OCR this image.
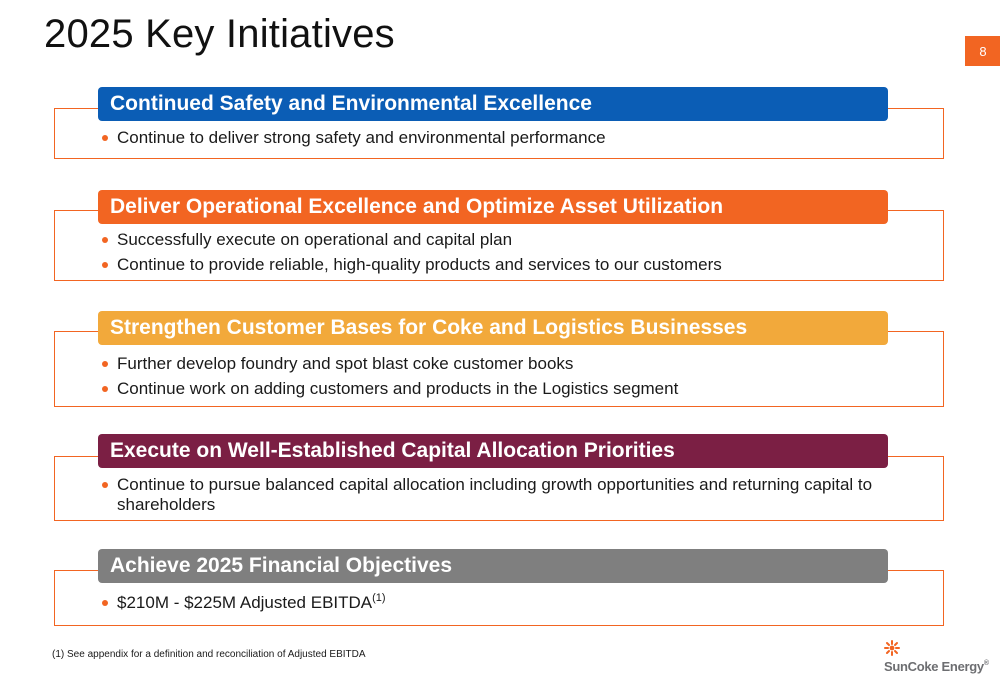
2025 Key Initiatives	8
Continued Safety and Environmental Excellence
Continue to deliver strong safety and environmental performance
Deliver Operational Excellence and Optimize Asset Utilization
Successfully execute on operational and capital plan
Continue to provide reliable, high-quality products and services to our customers
Strengthen Customer Bases for Coke and Logistics Businesses
Further develop foundry and spot blast coke customer books
Continue work on adding customers and products in the Logistics segment
Execute on Well-Established Capital Allocation Priorities
Continue to pursue balanced capital allocation including growth opportunities and returning capital to shareholders
Achieve 2025 Financial Objectives
$210M - $225M Adjusted EBITDA$^{(1)}$
(1) See appendix for a definition and reconciliation of Adjusted EBITDA
SunCoke Energy®
